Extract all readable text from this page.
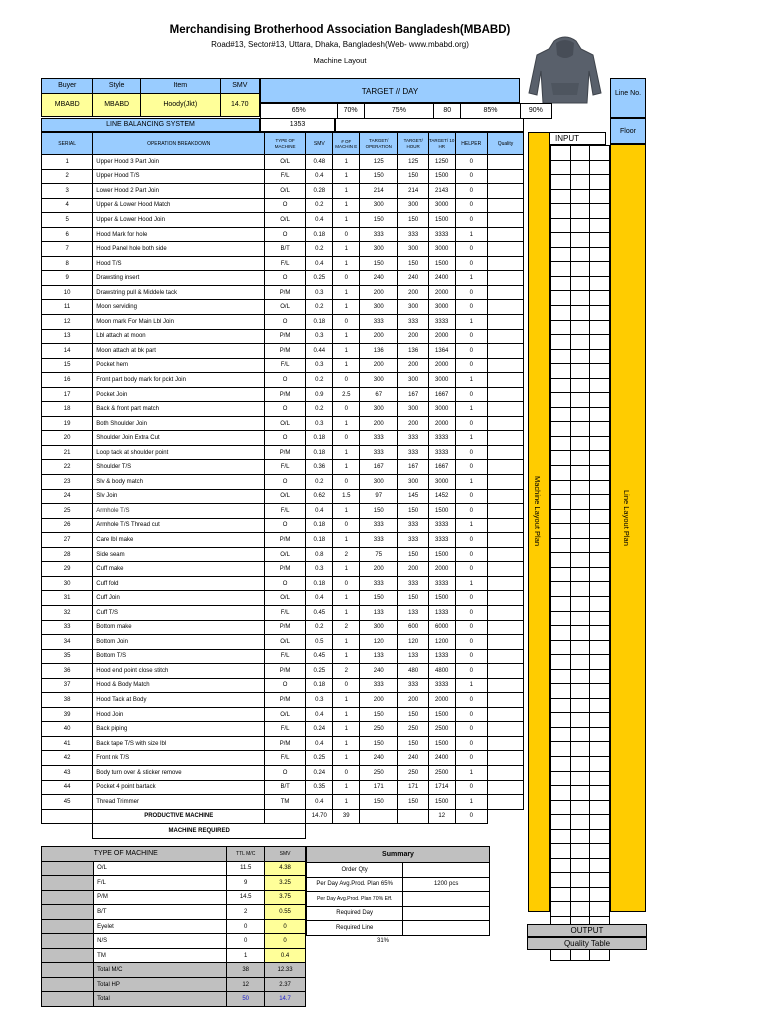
Merchandising Brotherhood Association Bangladesh(MBABD)
Road#13, Sector#13, Uttara, Dhaka, Bangladesh(Web- www.mbabd.org)
Machine Layout
Buyer	Style	Item	SMV
MBABD	MBABD	Hoody(Jkt)	14.70
TARGET // DAY
65%	70%	75%	80	85%	90%
Line No.
Floor
LINE BALANCING SYSTEM	1353
SERIAL	OPERATION BREAKDOWN	TYPE OF MACHINE	SMV	# OF MACHIN E	TARGET/ OPERATION	TARGET/ HOUR	TARGET/ 10 HR	HELPER	Quality
1	Upper Hood 3 Part Join	O/L	0.48	1	125	125	1250	0	
2	Upper Hood T/S	F/L	0.4	1	150	150	1500	0	
3	Lower Hood 2 Part Join	O/L	0.28	1	214	214	2143	0	
4	Upper & Lower Hood Match	O	0.2	1	300	300	3000	0	
5	Upper & Lower Hood Join	O/L	0.4	1	150	150	1500	0	
6	Hood Mark for hole	O	0.18	0	333	333	3333	1	
7	Hood Panel hole both side	B/T	0.2	1	300	300	3000	0	
8	Hood T/S	F/L	0.4	1	150	150	1500	0	
9	Drawsting insert	O	0.25	0	240	240	2400	1	
10	Drawstring pull & Middele tack	P/M	0.3	1	200	200	2000	0	
11	Moon serviding	O/L	0.2	1	300	300	3000	0	
12	Moon mark For Main Lbl Join	O	0.18	0	333	333	3333	1	
13	Lbl attach at moon	P/M	0.3	1	200	200	2000	0	
14	Moon attach at bk part	P/M	0.44	1	136	136	1364	0	
15	Pocket hem	F/L	0.3	1	200	200	2000	0	
16	Front part body mark for pckt Join	O	0.2	0	300	300	3000	1	
17	Pocket Join	P/M	0.9	2.5	67	167	1667	0	
18	Back & front part match	O	0.2	0	300	300	3000	1	
19	Both Shoulder Join	O/L	0.3	1	200	200	2000	0	
20	Shoulder Join Extra Cut	O	0.18	0	333	333	3333	1	
21	Loop tack at shoulder point	P/M	0.18	1	333	333	3333	0	
22	Shoulder T/S	F/L	0.36	1	167	167	1667	0	
23	Slv & body match	O	0.2	0	300	300	3000	1	
24	Slv Join	O/L	0.62	1.5	97	145	1452	0	
25	Armhole T/S	F/L	0.4	1	150	150	1500	0	
26	Armhole T/S Thread cut	O	0.18	0	333	333	3333	1	
27	Care lbl make	P/M	0.18	1	333	333	3333	0	
28	Side seam	O/L	0.8	2	75	150	1500	0	
29	Cuff make	P/M	0.3	1	200	200	2000	0	
30	Cuff fold	O	0.18	0	333	333	3333	1	
31	Cuff Join	O/L	0.4	1	150	150	1500	0	
32	Cuff T/S	F/L	0.45	1	133	133	1333	0	
33	Bottom make	P/M	0.2	2	300	600	6000	0	
34	Bottom Join	O/L	0.5	1	120	120	1200	0	
35	Bottom T/S	F/L	0.45	1	133	133	1333	0	
36	Hood end point close stitch	P/M	0.25	2	240	480	4800	0	
37	Hood & Body Match	O	0.18	0	333	333	3333	1	
38	Hood Tack at Body	P/M	0.3	1	200	200	2000	0	
39	Hood Join	O/L	0.4	1	150	150	1500	0	
40	Back piping	F/L	0.24	1	250	250	2500	0	
41	Back tape T/S with size lbl	P/M	0.4	1	150	150	1500	0	
42	Front nk T/S	F/L	0.25	1	240	240	2400	0	
43	Body turn over & sticker remove	O	0.24	0	250	250	2500	1	
44	Pocket 4 point bartack	B/T	0.35	1	171	171	1714	0	
45	Thread Trimmer	TM	0.4	1	150	150	1500	1	
	PRODUCTIVE MACHINE		14.70	39			12	0	
	MACHINE REQUIRED								
INPUT
Machine Layout Plan

			Line Layout Plan
OUTPUT
Quality Table
	TYPE OF MACHINE	TTL M/C	SMV
	O/L	11.5	4.38
	F/L	9	3.25
	P/M	14.5	3.75
	B/T	2	0.55
	Eyelet	0	0
	N/S	0	0
	TM	1	0.4
	Total M/C	38	12.33
	Total HP	12	2.37
	Total	50	14.7
Summary	
Order Qty	
Per Day Avg.Prod. Plan 65%	1200 pcs
Per Day Avg.Prod. Plan 70% Eff.	
Required Day	
Required Line	
31%
